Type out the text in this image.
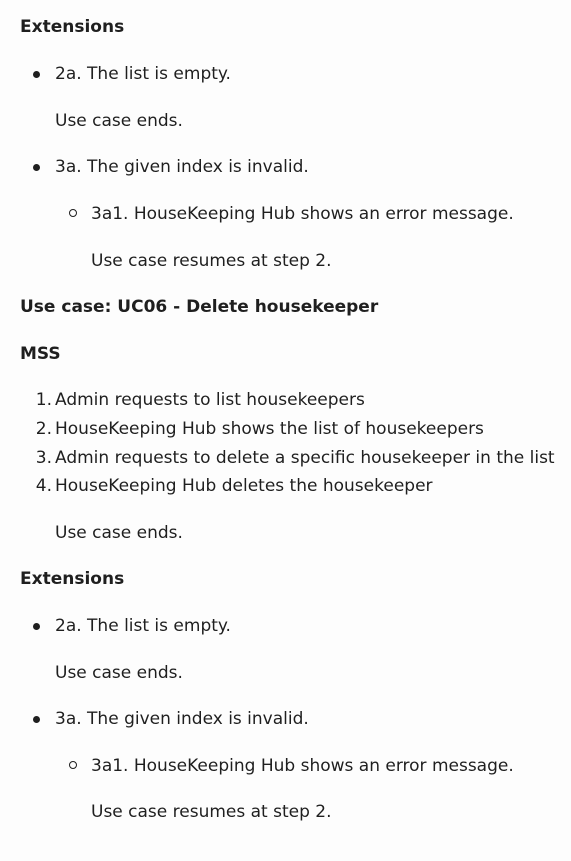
Extensions
2a. The list is empty.
Use case ends.
3a. The given index is invalid.
3a1. HouseKeeping Hub shows an error message.
Use case resumes at step 2.
Use case: UC06 - Delete housekeeper
MSS
1. Admin requests to list housekeepers
2. HouseKeeping Hub shows the list of housekeepers
3. Admin requests to delete a specific housekeeper in the list
4. HouseKeeping Hub deletes the housekeeper
Use case ends.
Extensions
2a. The list is empty.
Use case ends.
3a. The given index is invalid.
3a1. HouseKeeping Hub shows an error message.
Use case resumes at step 2.
